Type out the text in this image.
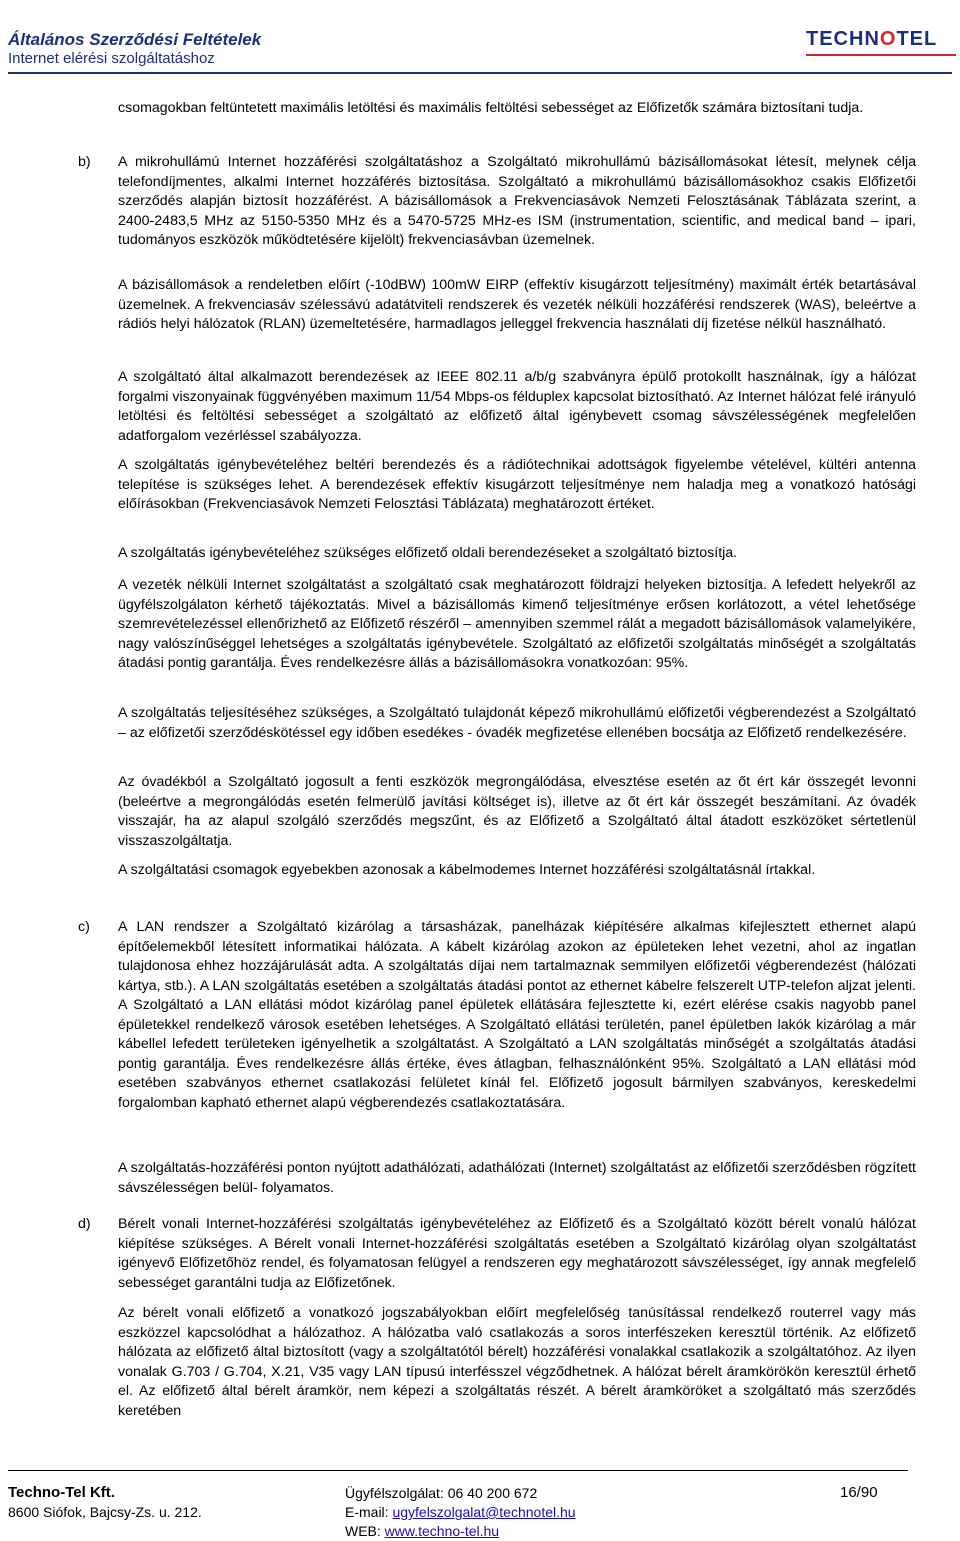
Általános Szerződési Feltételek
Internet elérési szolgáltatáshoz
TECHNOTEL
csomagokban feltüntetett maximális letöltési és maximális feltöltési sebességet az Előfizetők számára biztosítani tudja.
b) A mikrohullámú Internet hozzáférési szolgáltatáshoz a Szolgáltató mikrohullámú bázisállomásokat létesít, melynek célja telefondíjmentes, alkalmi Internet hozzáférés biztosítása. Szolgáltató a mikrohullámú bázisállomásokhoz csakis Előfizetői szerződés alapján biztosít hozzáférést. A bázisállomások a Frekvenciasávok Nemzeti Felosztásának Táblázata szerint, a 2400-2483,5 MHz az 5150-5350 MHz és a 5470-5725 MHz-es ISM (instrumentation, scientific, and medical band – ipari, tudományos eszközök működtetésére kijelölt) frekvenciasávban üzemelnek.
A bázisállomások a rendeletben előírt (-10dBW) 100mW EIRP (effektív kisugárzott teljesítmény) maximált érték betartásával üzemelnek. A frekvenciasáv szélessávú adatátviteli rendszerek és vezeték nélküli hozzáférési rendszerek (WAS), beleértve a rádiós helyi hálózatok (RLAN) üzemeltetésére, harmadlagos jelleggel frekvencia használati díj fizetése nélkül használható.
A szolgáltató által alkalmazott berendezések az IEEE 802.11 a/b/g szabványra épülő protokollt használnak, így a hálózat forgalmi viszonyainak függvényében maximum 11/54 Mbps-os félduplex kapcsolat biztosítható. Az Internet hálózat felé irányuló letöltési és feltöltési sebességet a szolgáltató az előfizető által igénybevett csomag sávszélességének megfelelően adatforgalom vezérléssel szabályozza.
A szolgáltatás igénybevételéhez beltéri berendezés és a rádiótechnikai adottságok figyelembe vételével, kültéri antenna telepítése is szükséges lehet. A berendezések effektív kisugárzott teljesítménye nem haladja meg a vonatkozó hatósági előírásokban (Frekvenciasávok Nemzeti Felosztási Táblázata) meghatározott értéket.
A szolgáltatás igénybevételéhez szükséges előfizető oldali berendezéseket a szolgáltató biztosítja.
A vezeték nélküli Internet szolgáltatást a szolgáltató csak meghatározott földrajzi helyeken biztosítja. A lefedett helyekről az ügyfélszolgálaton kérhető tájékoztatás. Mivel a bázisállomás kimenő teljesítménye erősen korlátozott, a vétel lehetősége szemrevételezéssel ellenőrizhető az Előfizető részéről – amennyiben szemmel rálát a megadott bázisállomások valamelyikére, nagy valószínűséggel lehetséges a szolgáltatás igénybevétele. Szolgáltató az előfizetői szolgáltatás minőségét a szolgáltatás átadási pontig garantálja. Éves rendelkezésre állás a bázisállomásokra vonatkozóan: 95%.
A szolgáltatás teljesítéséhez szükséges, a Szolgáltató tulajdonát képező mikrohullámú előfizetői végberendezést a Szolgáltató – az előfizetői szerződéskötéssel egy időben esedékes - óvadék megfizetése ellenében bocsátja az Előfizető rendelkezésére.
Az óvadékból a Szolgáltató jogosult a fenti eszközök megrongálódása, elvesztése esetén az őt ért kár összegét levonni (beleértve a megrongálódás esetén felmerülő javítási költséget is), illetve az őt ért kár összegét beszámítani. Az óvadék visszajár, ha az alapul szolgáló szerződés megszűnt, és az Előfizető a Szolgáltató által átadott eszközöket sértetlenül visszaszolgáltatja.
A szolgáltatási csomagok egyebekben azonosak a kábelmodemes Internet hozzáférési szolgáltatásnál írtakkal.
c) A LAN rendszer a Szolgáltató kizárólag a társasházak, panelházak kiépítésére alkalmas kifejlesztett ethernet alapú építőelemekből létesített informatikai hálózata. A kábelt kizárólag azokon az épületeken lehet vezetni, ahol az ingatlan tulajdonosa ehhez hozzájárulását adta. A szolgáltatás díjai nem tartalmaznak semmilyen előfizetői végberendezést (hálózati kártya, stb.). A LAN szolgáltatás esetében a szolgáltatás átadási pontot az ethernet kábelre felszerelt UTP-telefon aljzat jelenti. A Szolgáltató a LAN ellátási módot kizárólag panel épületek ellátására fejlesztette ki, ezért elérése csakis nagyobb panel épületekkel rendelkező városok esetében lehetséges. A Szolgáltató ellátási területén, panel épületben lakók kizárólag a már kábellel lefedett területeken igényelhetik a szolgáltatást. A Szolgáltató a LAN szolgáltatás minőségét a szolgáltatás átadási pontig garantálja. Éves rendelkezésre állás értéke, éves átlagban, felhasználónként 95%. Szolgáltató a LAN ellátási mód esetében szabványos ethernet csatlakozási felületet kínál fel. Előfizető jogosult bármilyen szabványos, kereskedelmi forgalomban kapható ethernet alapú végberendezés csatlakoztatására.
A szolgáltatás-hozzáférési ponton nyújtott adathálózati, adathálózati (Internet) szolgáltatást az előfizetői szerződésben rögzített sávszélességen belül- folyamatos.
d) Bérelt vonali Internet-hozzáférési szolgáltatás igénybevételéhez az Előfizető és a Szolgáltató között bérelt vonalú hálózat kiépítése szükséges. A Bérelt vonali Internet-hozzáférési szolgáltatás esetében a Szolgáltató kizárólag olyan szolgáltatást igényevő Előfizetőhöz rendel, és folyamatosan felügyel a rendszeren egy meghatározott sávszélességet, így annak megfelelő sebességet garantálni tudja az Előfizetőnek.
Az bérelt vonali előfizető a vonatkozó jogszabályokban előírt megfelelőség tanúsítással rendelkező routerrel vagy más eszközzel kapcsolódhat a hálózathoz. A hálózatba való csatlakozás a soros interfészeken keresztül történik. Az előfizető hálózata az előfizető által biztosított (vagy a szolgáltatótól bérelt) hozzáférési vonalakkal csatlakozik a szolgáltatóhoz. Az ilyen vonalak G.703 / G.704, X.21, V35 vagy LAN típusú interfésszel végződhetnek. A hálózat bérelt áramkörökön keresztül érhető el. Az előfizető által bérelt áramkör, nem képezi a szolgáltatás részét. A bérelt áramköröket a szolgáltató más szerződés keretében
Techno-Tel Kft.
8600 Siófok, Bajcsy-Zs. u. 212.
Ügyfélszolgálat: 06 40 200 672
E-mail: ugyfelszolgalat@technotel.hu
WEB: www.techno-tel.hu
16/90
